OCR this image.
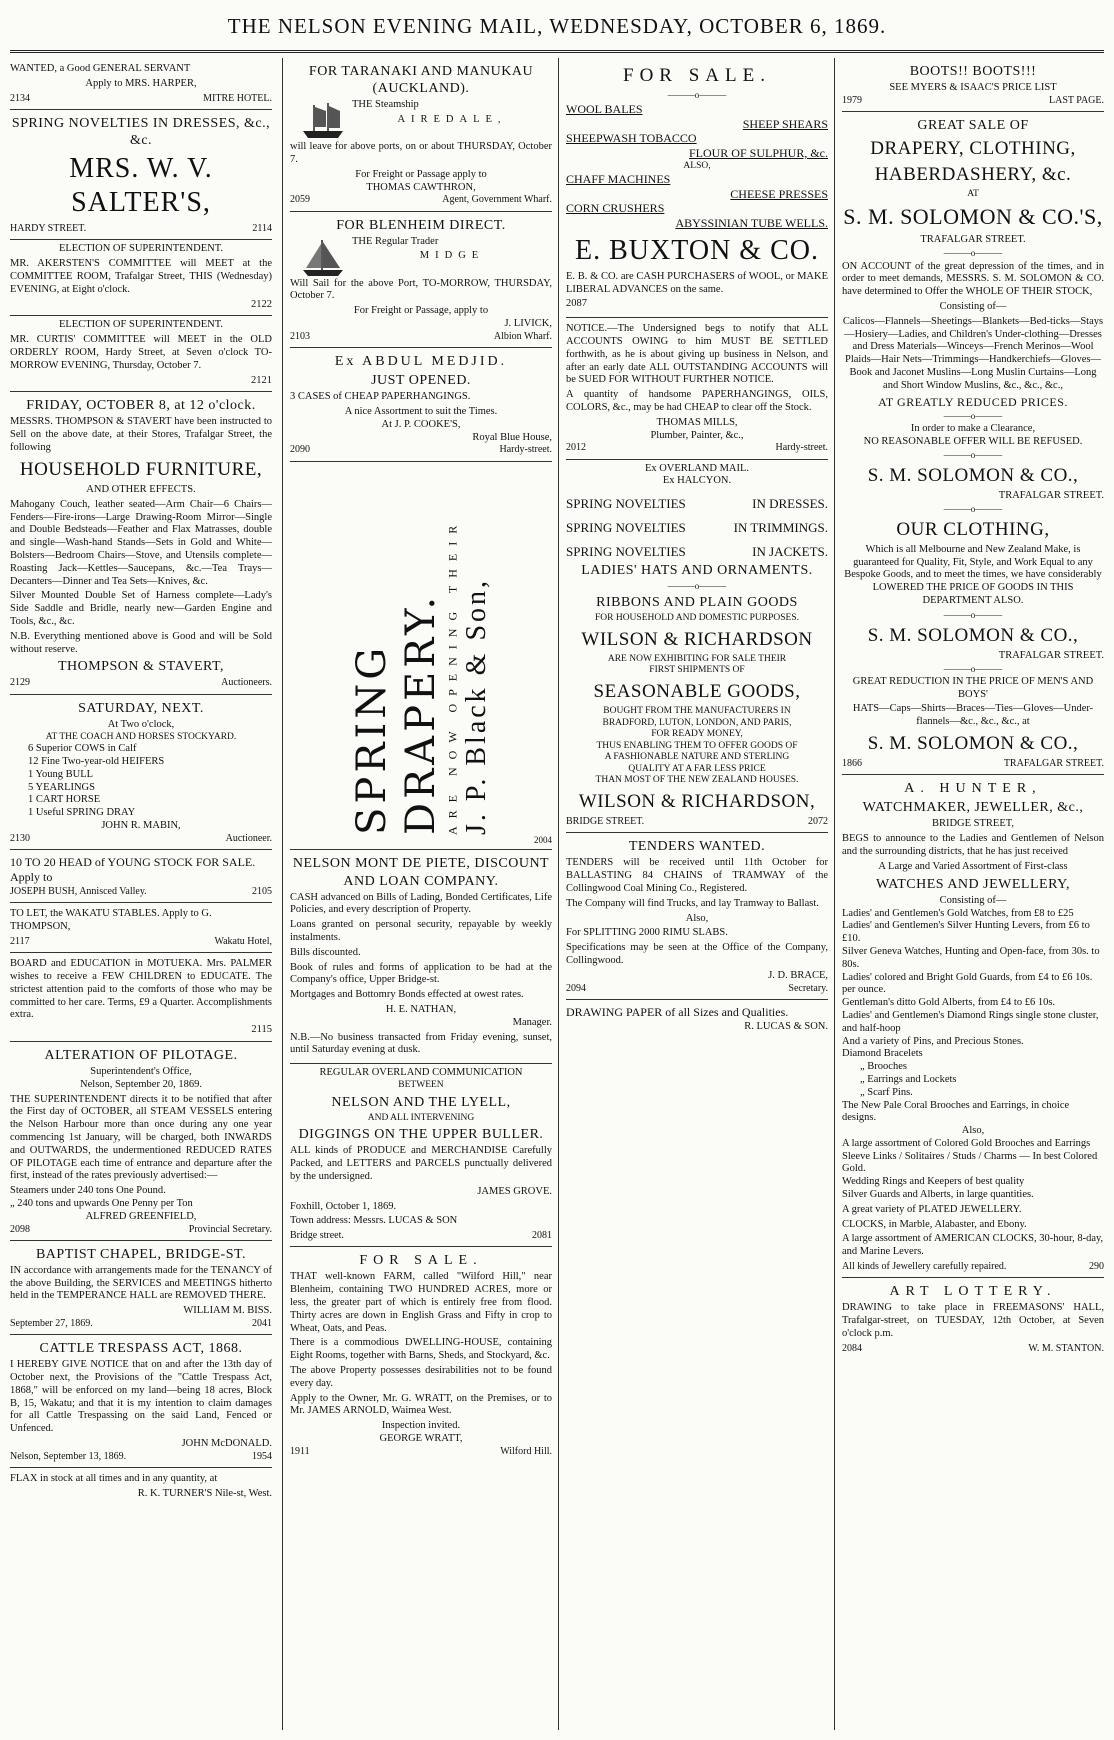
THE NELSON EVENING MAIL, WEDNESDAY, OCTOBER 6, 1869.
WANTED, a Good GENERAL SERVANT
Apply to MRS. HARPER,
2134	MITRE HOTEL.
SPRING NOVELTIES IN DRESSES, &c., &c.
MRS. W. V. SALTER'S,
HARDY STREET.	2114
ELECTION OF SUPERINTENDENT.
MR. AKERSTEN'S COMMITTEE will MEET at the COMMITTEE ROOM, Trafalgar Street, THIS (Wednesday) EVENING, at Eight o'clock.
2122
ELECTION OF SUPERINTENDENT.
MR. CURTIS' COMMITTEE will MEET in the OLD ORDERLY ROOM, Hardy Street, at Seven o'clock TO-MORROW EVENING, Thursday, October 7.
2121
FRIDAY, OCTOBER 8, at 12 o'clock.
MESSRS. THOMPSON & STAVERT have been instructed to Sell on the above date, at their Stores, Trafalgar Street, the following
HOUSEHOLD FURNITURE,
AND OTHER EFFECTS.
Mahogany Couch, leather seated—Arm Chair—6 Chairs—Fenders—Fire-irons—Large Drawing-Room Mirror—Single and Double Bedsteads—Feather and Flax Matrasses, double and single—Wash-hand Stands—Sets in Gold and White—Bolsters—Bedroom Chairs—Stove, and Utensils complete—Roasting Jack—Kettles—Saucepans, &c.—Tea Trays—Decanters—Dinner and Tea Sets—Knives, &c.
Silver Mounted Double Set of Harness complete—Lady's Side Saddle and Bridle, nearly new—Garden Engine and Tools, &c., &c.
N.B. Everything mentioned above is Good and will be Sold without reserve.
THOMPSON & STAVERT,
2129	Auctioneers.
SATURDAY, NEXT.
At Two o'clock,
AT THE COACH AND HORSES STOCKYARD.
6 Superior COWS in Calf
12 Fine Two-year-old HEIFERS
1 Young BULL
5 YEARLINGS
1 CART HORSE
1 Useful SPRING DRAY
JOHN R. MABIN,
2130	Auctioneer.
10 TO 20 HEAD of YOUNG STOCK FOR SALE. Apply to
JOSEPH BUSH, Annisced Valley.	2105
TO LET, the WAKATU STABLES. Apply to G. THOMPSON,
2117	Wakatu Hotel,
BOARD and EDUCATION in MOTUEKA. Mrs. PALMER wishes to receive a FEW CHILDREN to EDUCATE. The strictest attention paid to the comforts of those who may be committed to her care. Terms, £9 a Quarter. Accomplishments extra.
2115
ALTERATION OF PILOTAGE.
Superintendent's Office,
Nelson, September 20, 1869.
THE SUPERINTENDENT directs it to be notified that after the First day of OCTOBER, all STEAM VESSELS entering the Nelson Harbour more than once during any one year commencing 1st January, will be charged, both INWARDS and OUTWARDS, the undermentioned REDUCED RATES OF PILOTAGE each time of entrance and departure after the first, instead of the rates previously advertised:—
Steamers under 240 tons One Pound.
„ 240 tons and upwards One Penny per Ton
ALFRED GREENFIELD,
2098	Provincial Secretary.
BAPTIST CHAPEL, BRIDGE-ST.
IN accordance with arrangements made for the TENANCY of the above Building, the SERVICES and MEETINGS hitherto held in the TEMPERANCE HALL are REMOVED THERE.
WILLIAM M. BISS.
September 27, 1869.	2041
CATTLE TRESPASS ACT, 1868.
I HEREBY GIVE NOTICE that on and after the 13th day of October next, the Provisions of the "Cattle Trespass Act, 1868," will be enforced on my land—being 18 acres, Block B, 15, Wakatu; and that it is my intention to claim damages for all Cattle Trespassing on the said Land, Fenced or Unfenced.
JOHN McDONALD.
Nelson, September 13, 1869.	1954
FLAX in stock at all times and in any quantity, at
R. K. TURNER'S Nile-st, West.
FOR TARANAKI AND MANUKAU (AUCKLAND).
THE Steamship
AIREDALE,
will leave for above ports, on or about THURSDAY, October 7.
For Freight or Passage apply to
THOMAS CAWTHRON,
2059	Agent, Government Wharf.
FOR BLENHEIM DIRECT.
THE Regular Trader
MIDGE
Will Sail for the above Port, TO-MORROW, THURSDAY, October 7.
For Freight or Passage, apply to
J. LIVICK,
2103	Albion Wharf.
Ex ABDUL MEDJID.
JUST OPENED.
3 CASES of CHEAP PAPERHANGINGS.
A nice Assortment to suit the Times.
At J. P. COOKE'S,
Royal Blue House,
2090	Hardy-street.
SPRING DRAPERY. ARE NOW OPENING THEIR J. P. Black & Son,
2004
NELSON MONT DE PIETE, DISCOUNT AND LOAN COMPANY.
CASH advanced on Bills of Lading, Bonded Certificates, Life Policies, and every description of Property.
Loans granted on personal security, repayable by weekly instalments.
Bills discounted.
Book of rules and forms of application to be had at the Company's office, Upper Bridge-st.
Mortgages and Bottomry Bonds effected at owest rates.
H. E. NATHAN,
Manager.
N.B.—No business transacted from Friday evening, sunset, until Saturday evening at dusk.
REGULAR OVERLAND COMMUNICATION
BETWEEN
NELSON AND THE LYELL,
AND ALL INTERVENING
DIGGINGS ON THE UPPER BULLER.
ALL kinds of PRODUCE and MERCHANDISE Carefully Packed, and LETTERS and PARCELS punctually delivered by the undersigned.
JAMES GROVE.
Foxhill, October 1, 1869.
Town address: Messrs. LUCAS & SON
Bridge street.	2081
FOR SALE.
THAT well-known FARM, called "Wilford Hill," near Blenheim, containing TWO HUNDRED ACRES, more or less, the greater part of which is entirely free from flood. Thirty acres are down in English Grass and Fifty in crop to Wheat, Oats, and Peas.
There is a commodious DWELLING-HOUSE, containing Eight Rooms, together with Barns, Sheds, and Stockyard, &c.
The above Property possesses desirabilities not to be found every day.
Apply to the Owner, Mr. G. WRATT, on the Premises, or to Mr. JAMES ARNOLD, Waimea West.
Inspection invited.
GEORGE WRATT,
1911	Wilford Hill.
FOR SALE.
———o———
WOOL BALES
SHEEP SHEARS
SHEEPWASH TOBACCO
FLOUR OF SULPHUR, &c.
ALSO,
CHAFF MACHINES
CHEESE PRESSES
CORN CRUSHERS
ABYSSINIAN TUBE WELLS.
E. BUXTON & CO.
E. B. & CO. are CASH PURCHASERS of WOOL, or MAKE LIBERAL ADVANCES on the same.
2087
NOTICE.—The Undersigned begs to notify that ALL ACCOUNTS OWING to him MUST BE SETTLED forthwith, as he is about giving up business in Nelson, and after an early date ALL OUTSTANDING ACCOUNTS will be SUED FOR WITHOUT FURTHER NOTICE.
A quantity of handsome PAPERHANGINGS, OILS, COLORS, &c., may be had CHEAP to clear off the Stock.
THOMAS MILLS,
Plumber, Painter, &c.,
2012	Hardy-street.
Ex OVERLAND MAIL.
Ex HALCYON.
SPRING NOVELTIES	IN DRESSES.
SPRING NOVELTIES	IN TRIMMINGS.
SPRING NOVELTIES	IN JACKETS.
LADIES' HATS AND ORNAMENTS.
———o———
RIBBONS AND PLAIN GOODS
FOR HOUSEHOLD AND DOMESTIC PURPOSES.
WILSON & RICHARDSON
ARE NOW EXHIBITING FOR SALE THEIR
FIRST SHIPMENTS OF
SEASONABLE GOODS,
BOUGHT FROM THE MANUFACTURERS IN
BRADFORD, LUTON, LONDON, AND PARIS,
FOR READY MONEY,
THUS ENABLING THEM TO OFFER GOODS OF
A FASHIONABLE NATURE AND STERLING
QUALITY AT A FAR LESS PRICE
THAN MOST OF THE NEW ZEALAND HOUSES.
WILSON & RICHARDSON,
BRIDGE STREET.	2072
TENDERS WANTED.
TENDERS will be received until 11th October for BALLASTING 84 CHAINS of TRAMWAY of the Collingwood Coal Mining Co., Registered.
The Company will find Trucks, and lay Tramway to Ballast.
Also,
For SPLITTING 2000 RIMU SLABS.
Specifications may be seen at the Office of the Company, Collingwood.
J. D. BRACE,
2094	Secretary.
DRAWING PAPER of all Sizes and Qualities.
R. LUCAS & SON.
BOOTS!! BOOTS!!!
SEE MYERS & ISAAC'S PRICE LIST
1979	LAST PAGE.
GREAT SALE OF
DRAPERY, CLOTHING,
HABERDASHERY, &c.
AT
S. M. SOLOMON & CO.'S,
TRAFALGAR STREET.
———o———
ON ACCOUNT of the great depression of the times, and in order to meet demands, MESSRS. S. M. SOLOMON & CO. have determined to Offer the WHOLE OF THEIR STOCK,
Consisting of—
Calicos—Flannels—Sheetings—Blankets—Bed-ticks—Stays—Hosiery—Ladies, and Children's Under-clothing—Dresses and Dress Materials—Winceys—French Merinos—Wool Plaids—Hair Nets—Trimmings—Handkerchiefs—Gloves—Book and Jaconet Muslins—Long Muslin Curtains—Long and Short Window Muslins, &c., &c., &c.,
AT GREATLY REDUCED PRICES.
———o———
In order to make a Clearance,
NO REASONABLE OFFER WILL BE REFUSED.
———o———
S. M. SOLOMON & CO.,
TRAFALGAR STREET.
———o———
OUR CLOTHING,
Which is all Melbourne and New Zealand Make, is guaranteed for Quality, Fit, Style, and Work Equal to any Bespoke Goods, and to meet the times, we have considerably LOWERED THE PRICE OF GOODS IN THIS DEPARTMENT ALSO.
———o———
S. M. SOLOMON & CO.,
TRAFALGAR STREET.
———o———
GREAT REDUCTION IN THE PRICE OF MEN'S AND BOYS'
HATS—Caps—Shirts—Braces—Ties—Gloves—Under-flannels—&c., &c., &c., at
S. M. SOLOMON & CO.,
1866	TRAFALGAR STREET.
A. HUNTER,
WATCHMAKER, JEWELLER, &c.,
BRIDGE STREET,
BEGS to announce to the Ladies and Gentlemen of Nelson and the surrounding districts, that he has just received
A Large and Varied Assortment of First-class
WATCHES AND JEWELLERY,
Consisting of—
Ladies' and Gentlemen's Gold Watches, from £8 to £25
Ladies' and Gentlemen's Silver Hunting Levers, from £6 to £10.
Silver Geneva Watches, Hunting and Open-face, from 30s. to 80s.
Ladies' colored and Bright Gold Guards, from £4 to £6 10s. per ounce.
Gentleman's ditto Gold Alberts, from £4 to £6 10s.
Ladies' and Gentlemen's Diamond Rings single stone cluster, and half-hoop
And a variety of Pins, and Precious Stones.
Diamond Bracelets
„ Brooches
„ Earrings and Lockets
„ Scarf Pins.
The New Pale Coral Brooches and Earrings, in choice designs.
Also,
A large assortment of Colored Gold Brooches and Earrings
Sleeve Links / Solitaires / Studs / Charms — In best Colored Gold.
Wedding Rings and Keepers of best quality
Silver Guards and Alberts, in large quantities.
A great variety of PLATED JEWELLERY.
CLOCKS, in Marble, Alabaster, and Ebony.
A large assortment of AMERICAN CLOCKS, 30-hour, 8-day, and Marine Levers.
All kinds of Jewellery carefully repaired.	290
ART LOTTERY.
DRAWING to take place in FREEMASONS' HALL, Trafalgar-street, on TUESDAY, 12th October, at Seven o'clock p.m.
2084	W. M. STANTON.
